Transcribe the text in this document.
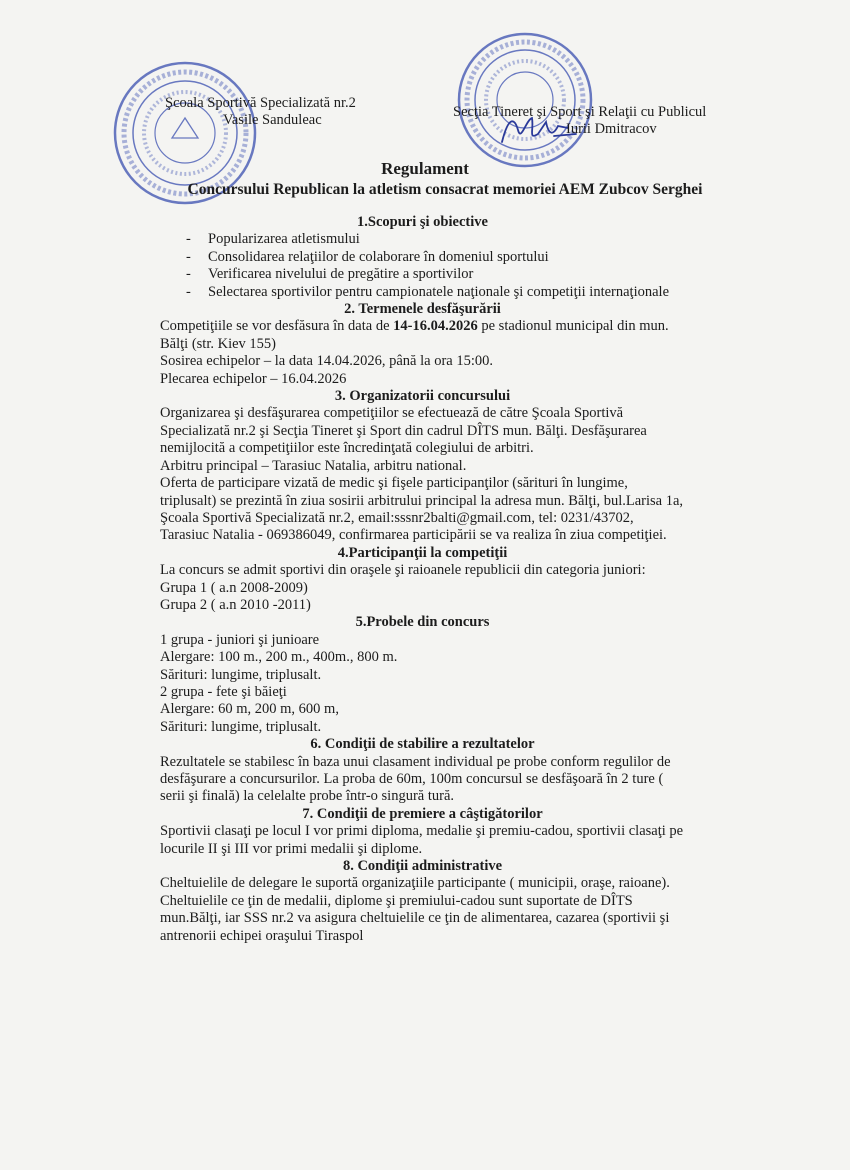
Şcoala Sportivă Specializată nr.2
Vasile Sanduleac	Secţia Tineret şi Sport şi Relaţii cu Publicul
Iurii Dmitracov
Regulament
Concursului Republican la atletism consacrat memoriei AEM Zubcov Serghei
1.Scopuri şi obiective
- Popularizarea atletismului
- Consolidarea relaţiilor de colaborare în domeniul sportului
- Verificarea nivelului de pregătire a sportivilor
- Selectarea sportivilor pentru campionatele naţionale şi competiţii internaţionale
2. Termenele desfăşurării

Competiţiile se vor desfăsura în data de 14-16.04.2026 pe stadionul municipal din mun. Bălţi (str. Kiev 155)

Sosirea echipelor – la data 14.04.2026, până la ora 15:00.

Plecarea echipelor – 16.04.2026

3. Organizatorii concursului

Organizarea şi desfăşurarea competiţiilor se efectuează de către Şcoala Sportivă Specializată nr.2 şi Secţia Tineret şi Sport din cadrul DÎTS mun. Bălţi. Desfăşurarea nemijlocită a competiţiilor este încredinţată colegiului de arbitri.

Arbitru principal – Tarasiuc Natalia, arbitru national.

Oferta de participare vizată de medic şi fişele participanţilor (sărituri în lungime, triplusalt) se prezintă în ziua sosirii arbitrului principal la adresa mun. Bălţi, bul.Larisa 1a, Şcoala Sportivă Specializată nr.2, email:sssnr2balti@gmail.com, tel: 0231/43702, Tarasiuc Natalia - 069386049, confirmarea participării se va realiza în ziua competiţiei.

4.Participanţii la competiţii

La concurs se admit sportivi din oraşele şi raioanele republicii din categoria juniori:

Grupa 1 ( a.n 2008-2009)

Grupa 2 ( a.n 2010 -2011)

5.Probele din concurs

1 grupa - juniori şi junioare

Alergare: 100 m., 200 m., 400m., 800 m.

Sărituri: lungime, triplusalt.

2 grupa - fete şi băieţi

Alergare: 60 m, 200 m, 600 m,

Sărituri: lungime, triplusalt.

6. Condiţii de stabilire a rezultatelor

Rezultatele se stabilesc în baza unui clasament individual pe probe conform regulilor de desfăşurare a concursurilor. La proba de 60m, 100m concursul se desfăşoară în 2 ture ( serii şi finală) la celelalte probe într-o singură tură.

7. Condiţii de premiere a câştigătorilor

Sportivii clasaţi pe locul I vor primi diploma, medalie şi premiu-cadou, sportivii clasaţi pe locurile II şi III vor primi medalii şi diplome.

8. Condiţii administrative

Cheltuielile de delegare le suportă organizaţiile participante ( municipii, oraşe, raioane). Cheltuielile ce ţin de medalii, diplome şi premiului-cadou sunt suportate de DÎTS mun.Bălţi, iar SSS nr.2 va asigura cheltuielile ce ţin de alimentarea, cazarea (sportivii şi antrenorii echipei oraşului Tiraspol
